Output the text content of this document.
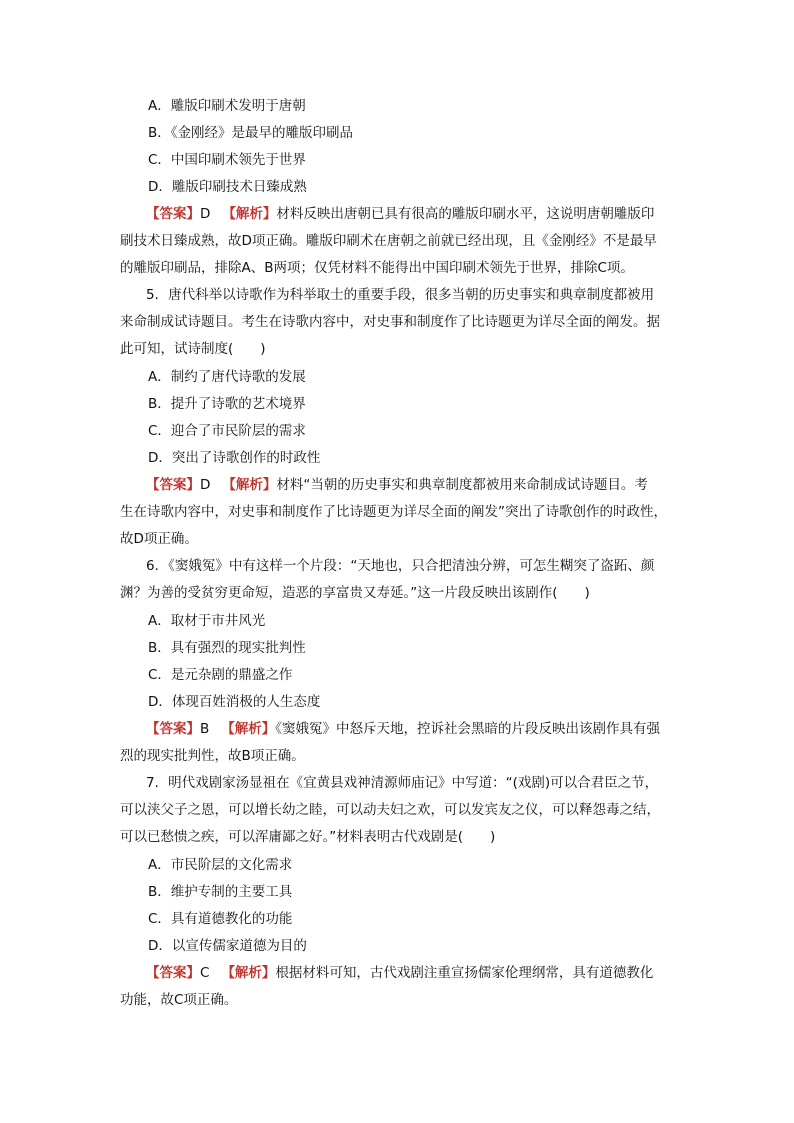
A．雕版印刷术发明于唐朝
B．《金刚经》是最早的雕版印刷品
C．中国印刷术领先于世界
D．雕版印刷技术日臻成熟
【答案】D 【解析】材料反映出唐朝已具有很高的雕版印刷水平，这说明唐朝雕版印
刷技术日臻成熟，故D项正确。雕版印刷术在唐朝之前就已经出现，且《金刚经》不是最早
的雕版印刷品，排除A、B两项；仅凭材料不能得出中国印刷术领先于世界，排除C项。
5．唐代科举以诗歌作为科举取士的重要手段，很多当朝的历史事实和典章制度都被用
来命制成试诗题目。考生在诗歌内容中，对史事和制度作了比诗题更为详尽全面的阐发。据
此可知，试诗制度(　　)
A．制约了唐代诗歌的发展
B．提升了诗歌的艺术境界
C．迎合了市民阶层的需求
D．突出了诗歌创作的时政性
【答案】D 【解析】材料“当朝的历史事实和典章制度都被用来命制成试诗题目。考
生在诗歌内容中，对史事和制度作了比诗题更为详尽全面的阐发”突出了诗歌创作的时政性，
故D项正确。
6．《窦娥冤》中有这样一个片段：“天地也，只合把清浊分辨，可怎生糊突了盗跖、颜
渊？为善的受贫穷更命短，造恶的享富贵又寿延。”这一片段反映出该剧作(　　)
A．取材于市井风光
B．具有强烈的现实批判性
C．是元杂剧的鼎盛之作
D．体现百姓消极的人生态度
【答案】B 【解析】《窦娥冤》中怒斥天地，控诉社会黑暗的片段反映出该剧作具有强
烈的现实批判性，故B项正确。
7．明代戏剧家汤显祖在《宜黄县戏神清源师庙记》中写道：“(戏剧)可以合君臣之节，
可以浃父子之恩，可以增长幼之睦，可以动夫妇之欢，可以发宾友之仪，可以释怨毒之结，
可以已愁愦之疾，可以浑庸鄙之好。”材料表明古代戏剧是(　　)
A．市民阶层的文化需求
B．维护专制的主要工具
C．具有道德教化的功能
D．以宣传儒家道德为目的
【答案】C 【解析】根据材料可知，古代戏剧注重宣扬儒家伦理纲常，具有道德教化
功能，故C项正确。
